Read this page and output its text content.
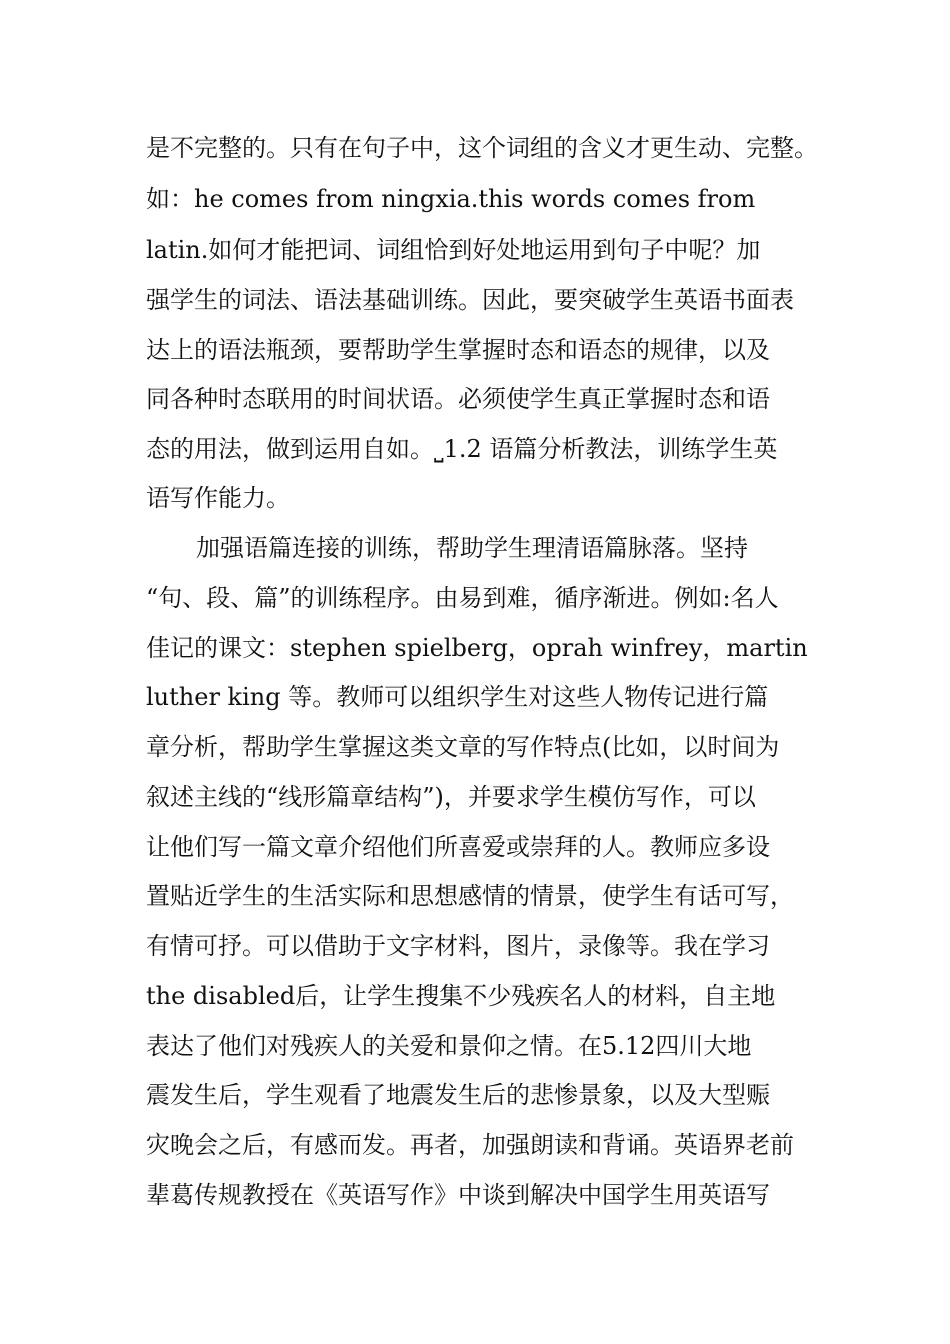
是不完整的。只有在句子中，这个词组的含义才更生动、完整。
如：he comes from ningxia.this words comes from
latin.如何才能把词、词组恰到好处地运用到句子中呢？加
强学生的词法、语法基础训练。因此，要突破学生英语书面表
达上的语法瓶颈，要帮助学生掌握时态和语态的规律，以及
同各种时态联用的时间状语。必须使学生真正掌握时态和语
态的用法，做到运用自如。⎵1.2 语篇分析教法，训练学生英
语写作能力。
加强语篇连接的训练，帮助学生理清语篇脉落。坚持
“句、段、篇”的训练程序。由易到难，循序渐进。例如:名人
佳记的课文：stephen spielberg，oprah winfrey，martin
luther king 等。教师可以组织学生对这些人物传记进行篇
章分析，帮助学生掌握这类文章的写作特点(比如，以时间为
叙述主线的“线形篇章结构”)，并要求学生模仿写作，可以
让他们写一篇文章介绍他们所喜爱或崇拜的人。教师应多设
置贴近学生的生活实际和思想感情的情景，使学生有话可写，
有情可抒。可以借助于文字材料，图片，录像等。我在学习
the disabled后，让学生搜集不少残疾名人的材料，自主地
表达了他们对残疾人的关爱和景仰之情。在5.12四川大地
震发生后，学生观看了地震发生后的悲惨景象，以及大型赈
灾晚会之后，有感而发。再者，加强朗读和背诵。英语界老前
辈葛传规教授在《英语写作》中谈到解决中国学生用英语写
